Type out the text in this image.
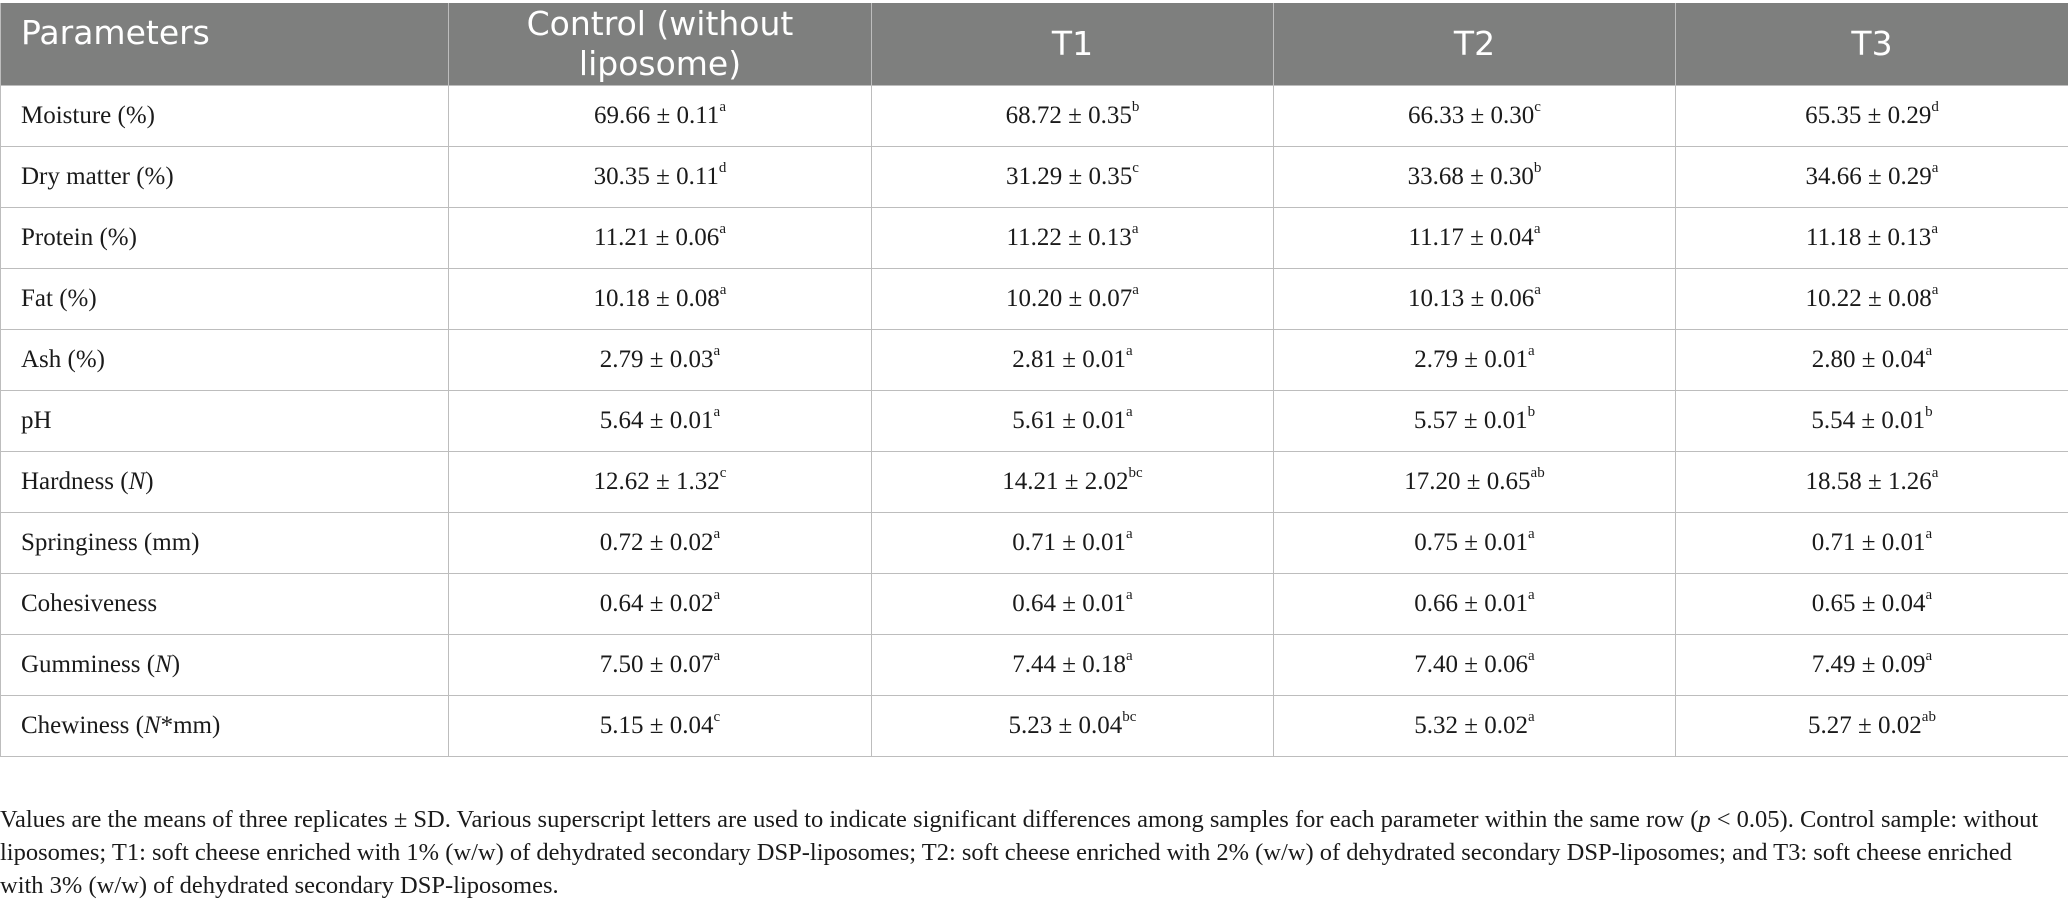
Parameters	Control (without liposome)	T1	T2	T3
Moisture (%)	69.66 ± 0.11$^a$	68.72 ± 0.35$^b$	66.33 ± 0.30$^c$	65.35 ± 0.29$^d$
Dry matter (%)	30.35 ± 0.11$^d$	31.29 ± 0.35$^c$	33.68 ± 0.30$^b$	34.66 ± 0.29$^a$
Protein (%)	11.21 ± 0.06$^a$	11.22 ± 0.13$^a$	11.17 ± 0.04$^a$	11.18 ± 0.13$^a$
Fat (%)	10.18 ± 0.08$^a$	10.20 ± 0.07$^a$	10.13 ± 0.06$^a$	10.22 ± 0.08$^a$
Ash (%)	2.79 ± 0.03$^a$	2.81 ± 0.01$^a$	2.79 ± 0.01$^a$	2.80 ± 0.04$^a$
pH	5.64 ± 0.01$^a$	5.61 ± 0.01$^a$	5.57 ± 0.01$^b$	5.54 ± 0.01$^b$
Hardness (N)	12.62 ± 1.32$^c$	14.21 ± 2.02$^{bc}$	17.20 ± 0.65$^{ab}$	18.58 ± 1.26$^a$
Springiness (mm)	0.72 ± 0.02$^a$	0.71 ± 0.01$^a$	0.75 ± 0.01$^a$	0.71 ± 0.01$^a$
Cohesiveness	0.64 ± 0.02$^a$	0.64 ± 0.01$^a$	0.66 ± 0.01$^a$	0.65 ± 0.04$^a$
Gumminess (N)	7.50 ± 0.07$^a$	7.44 ± 0.18$^a$	7.40 ± 0.06$^a$	7.49 ± 0.09$^a$
Chewiness (N*mm)	5.15 ± 0.04$^c$	5.23 ± 0.04$^{bc}$	5.32 ± 0.02$^a$	5.27 ± 0.02$^{ab}$
Values are the means of three replicates ± SD. Various superscript letters are used to indicate significant differences among samples for each parameter within the same row (p < 0.05). Control sample: without liposomes; T1: soft cheese enriched with 1% (w/w) of dehydrated secondary DSP-liposomes; T2: soft cheese enriched with 2% (w/w) of dehydrated secondary DSP-liposomes; and T3: soft cheese enriched with 3% (w/w) of dehydrated secondary DSP-liposomes.
